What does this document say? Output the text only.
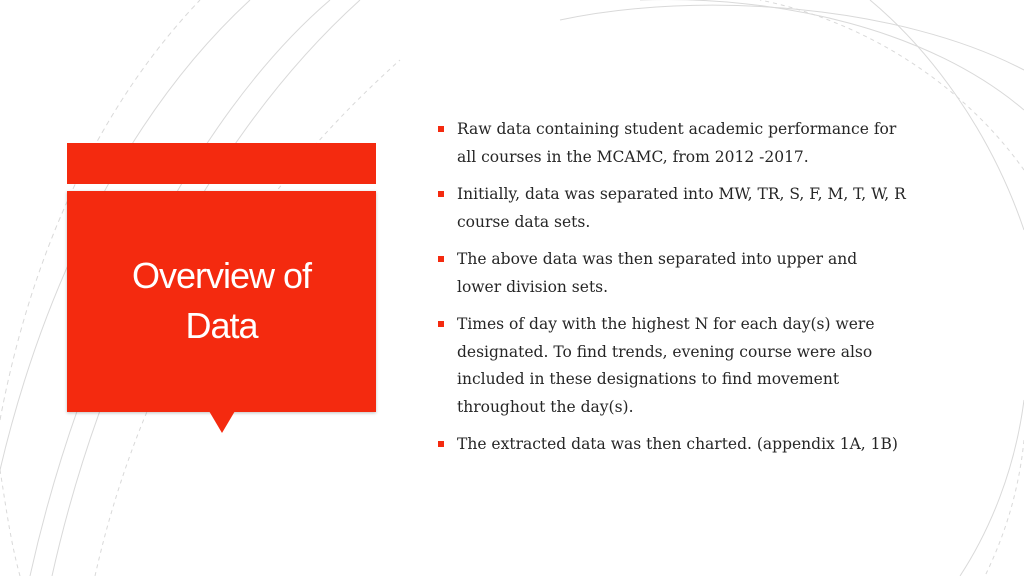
Overview of
Data
Raw data containing student academic performance for
all courses in the MCAMC, from 2012 -2017.
Initially, data was separated into MW, TR, S, F, M, T, W, R
course data sets.
The above data was then separated into upper and
lower division sets.
Times of day with the highest N for each day(s) were
designated. To find trends, evening course were also
included in these designations to find movement
throughout the day(s).
The extracted data was then charted. (appendix 1A, 1B)
